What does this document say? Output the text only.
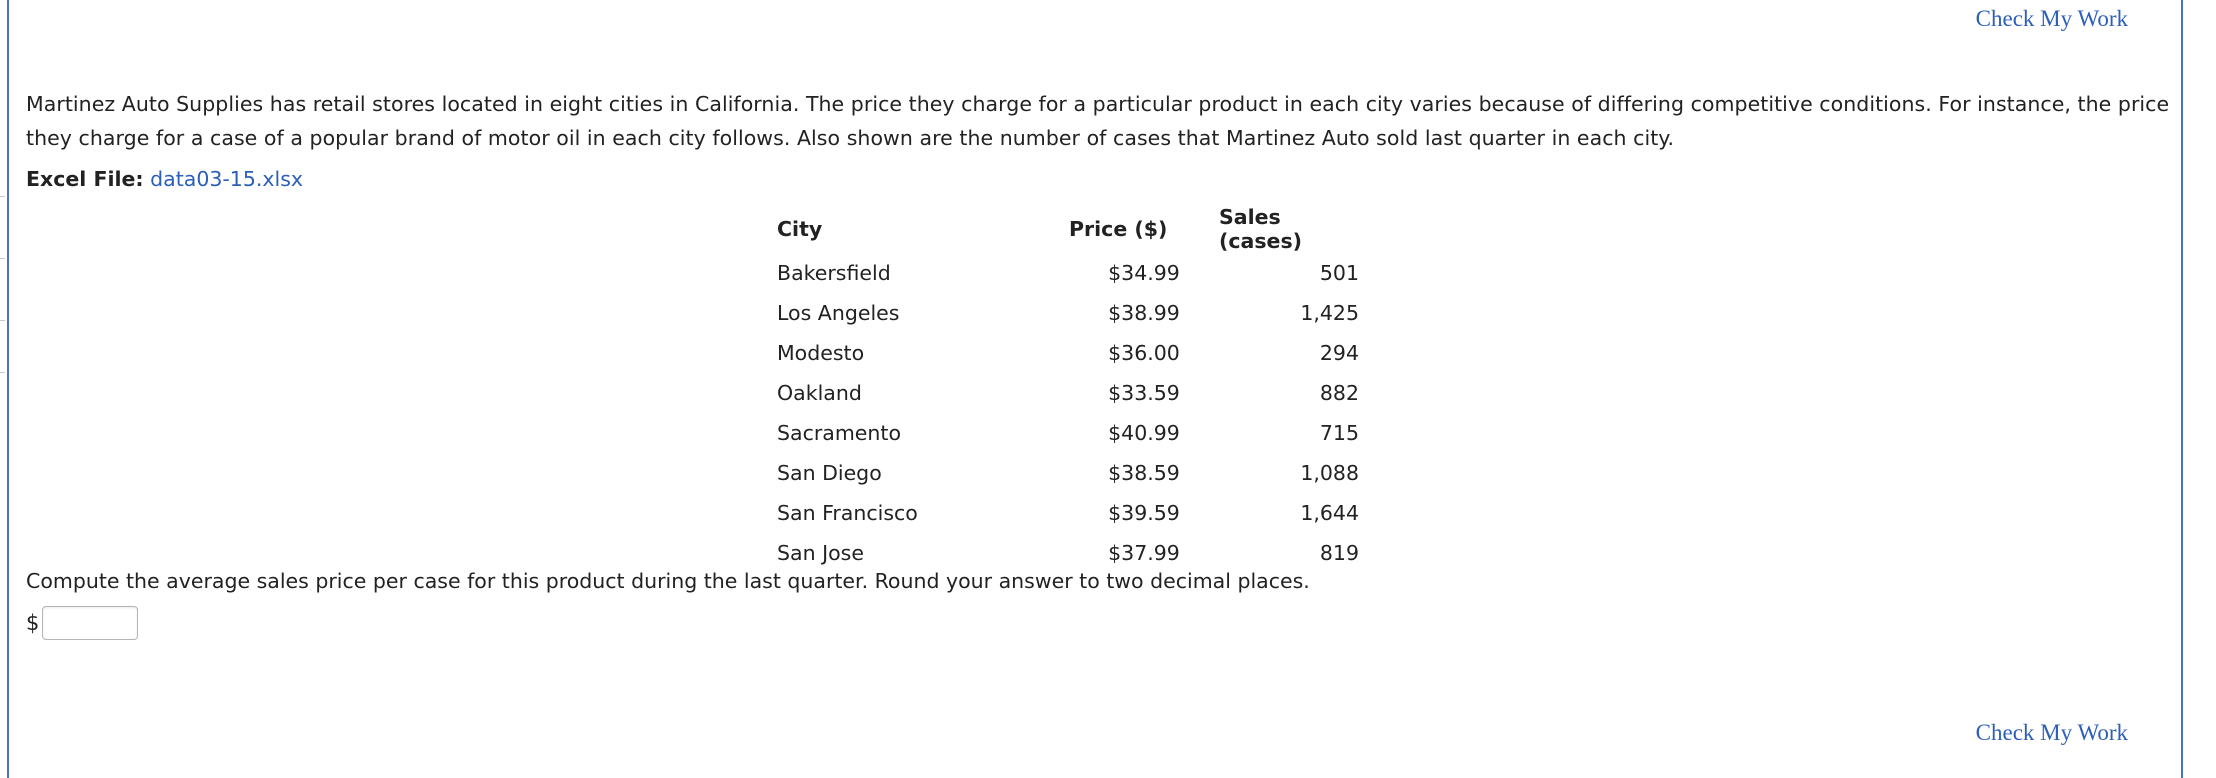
Check My Work
Martinez Auto Supplies has retail stores located in eight cities in California. The price they charge for a particular product in each city varies because of differing competitive conditions. For instance, the price they charge for a case of a popular brand of motor oil in each city follows. Also shown are the number of cases that Martinez Auto sold last quarter in each city.
Excel File: data03-15.xlsx
City	Price ($)	Sales (cases)
Bakersfield	$34.99	501
Los Angeles	$38.99	1,425
Modesto	$36.00	294
Oakland	$33.59	882
Sacramento	$40.99	715
San Diego	$38.59	1,088
San Francisco	$39.59	1,644
San Jose	$37.99	819
Compute the average sales price per case for this product during the last quarter. Round your answer to two decimal places.
$
Check My Work
